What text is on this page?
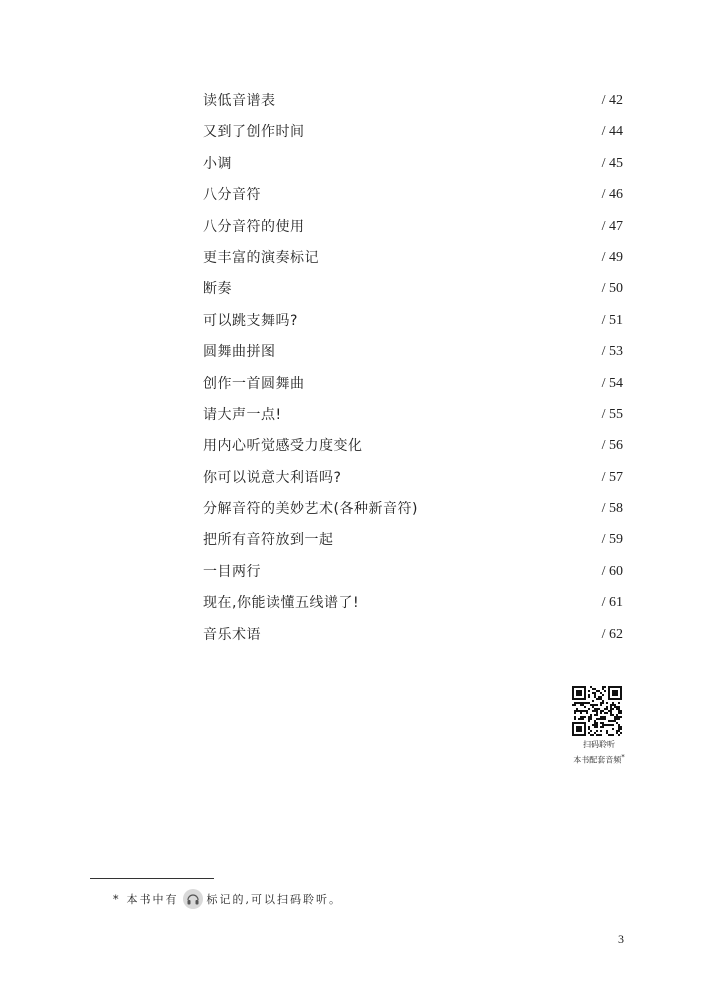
读低音谱表	/ 42
又到了创作时间	/ 44
小调	/ 45
八分音符	/ 46
八分音符的使用	/ 47
更丰富的演奏标记	/ 49
断奏	/ 50
可以跳支舞吗?	/ 51
圆舞曲拼图	/ 53
创作一首圆舞曲	/ 54
请大声一点!	/ 55
用内心听觉感受力度变化	/ 56
你可以说意大利语吗?	/ 57
分解音符的美妙艺术(各种新音符)	/ 58
把所有音符放到一起	/ 59
一目两行	/ 60
现在,你能读懂五线谱了!	/ 61
音乐术语	/ 62
扫码聆听
本书配套音频*
* 本书中有	标记的,可以扫码聆听。
3
